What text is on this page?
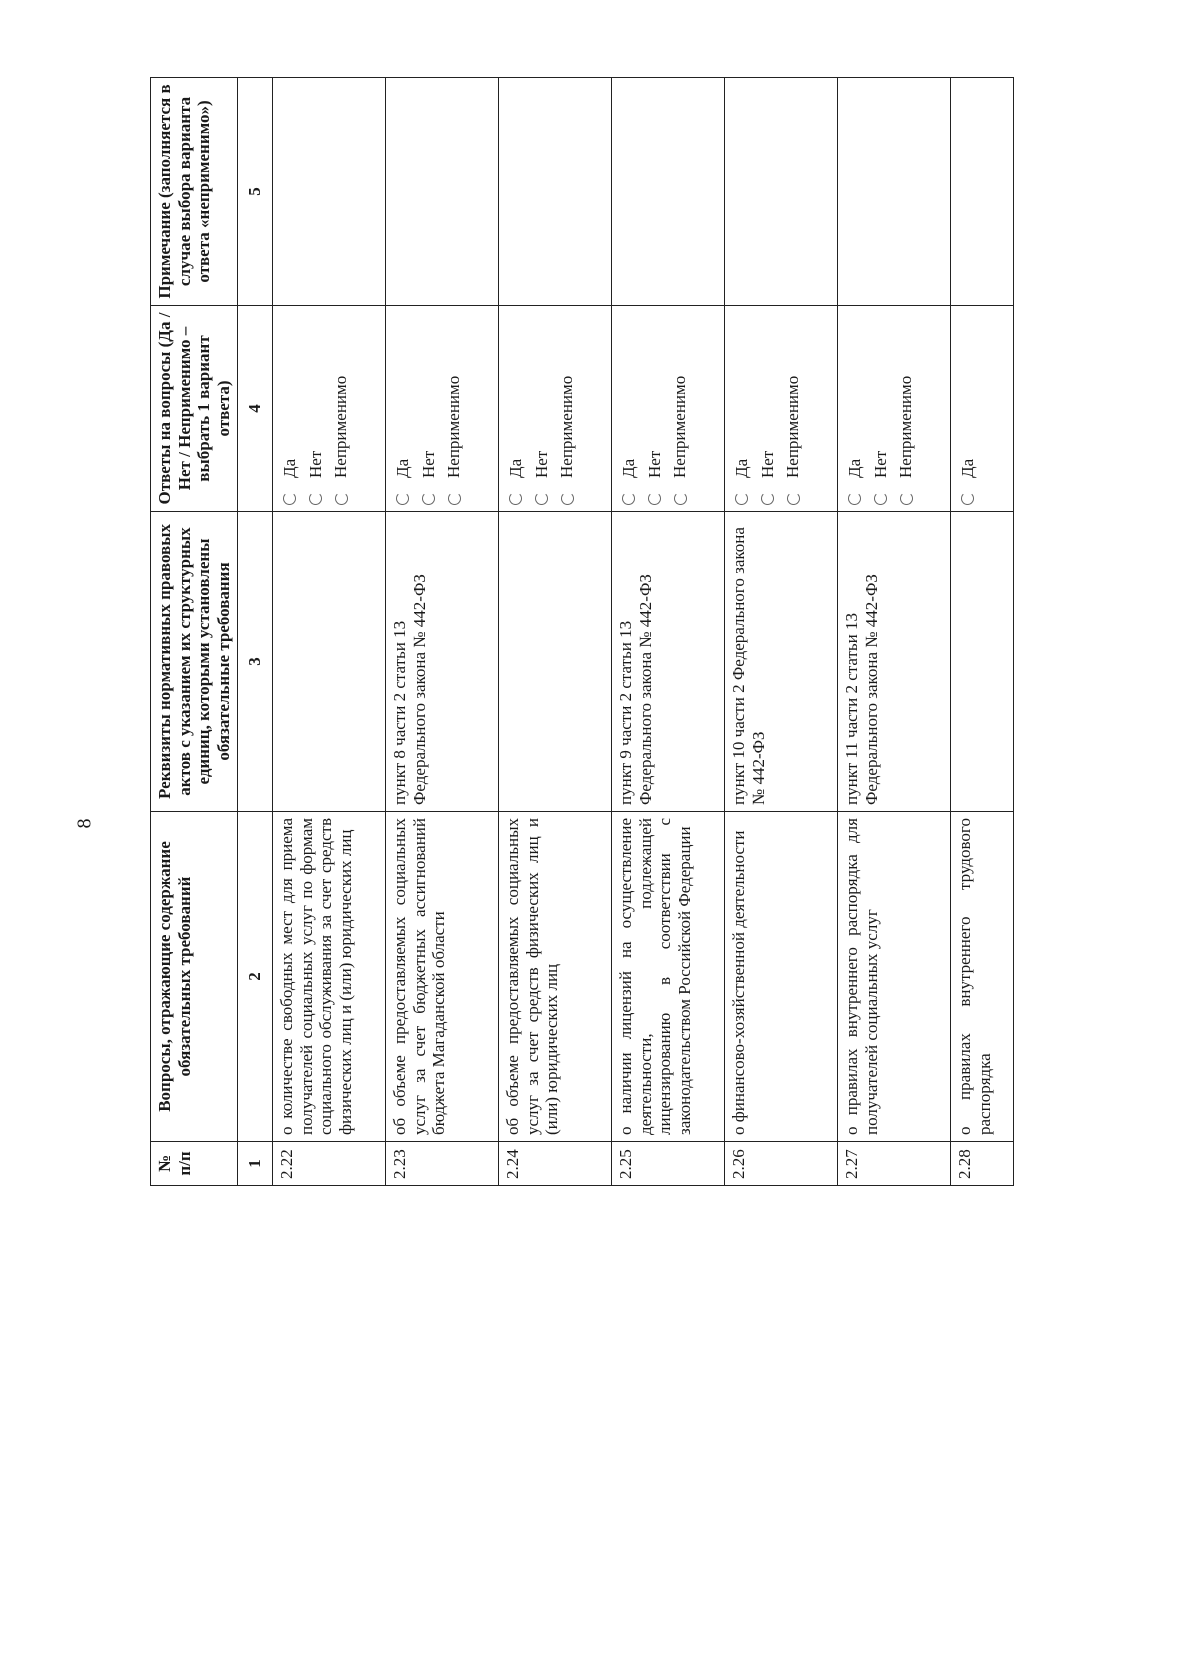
8
№ п/п	Вопросы, отражающие содержание обязательных требований	Реквизиты нормативных правовых актов с указанием их структурных единиц, которыми установлены обязательные требования	Ответы на вопросы (Да / Нет / Неприменимо – выбрать 1 вариант ответа)	Примечание (заполняется в случае выбора варианта ответа «неприменимо»)
1	2	3	4	5
2.22	о количестве свободных мест для приема получателей социальных услуг по формам социального обслуживания за счет средств физических лиц и (или) юридических лиц		Да Нет Неприменимо	

2.23	об объеме предоставляемых социальных услуг за счет бюджетных ассигнований бюджета Магаданской области	пункт 8 части 2 статьи 13 Федерального закона № 442-ФЗ	Да Нет Неприменимо	

2.24	об объеме предоставляемых социальных услуг за счет средств физических лиц и (или) юридических лиц		Да Нет Неприменимо	

2.25	о наличии лицензий на осуществление деятельности, подлежащей лицензированию в соответствии с законодательством Российской Федерации	пункт 9 части 2 статьи 13 Федерального закона № 442-ФЗ	Да Нет Неприменимо	

2.26	о финансово-хозяйственной деятельности	пункт 10 части 2 Федерального закона № 442-ФЗ	Да Нет Неприменимо	

2.27	о правилах внутреннего распорядка для получателей социальных услуг	пункт 11 части 2 статьи 13 Федерального закона № 442-ФЗ	Да Нет Неприменимо	

2.28	о правилах внутреннего трудового распорядка		Да	
